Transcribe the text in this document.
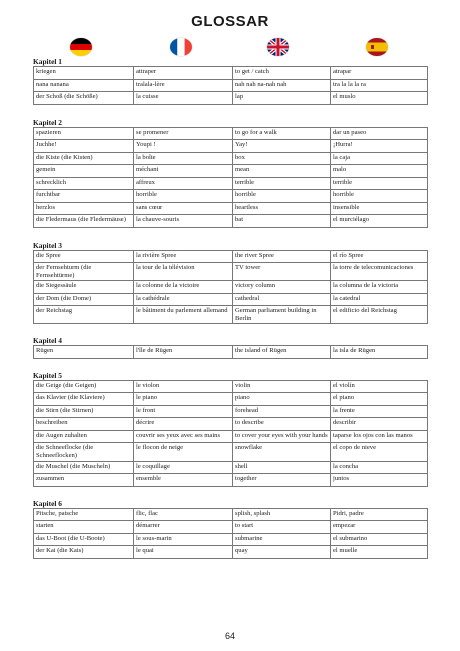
GLOSSAR
Kapitel 1
kriegen	attraper	to get / catch	atrapar
nana nanana	tralala-lère	nah nah na-nah nah	tra la la la ra
der Schoß (die Schöße)	la cuisse	lap	el muslo
Kapitel 2
spazieren	se promener	to go for a walk	dar un paseo
Juchhe!	Youpi !	Yay!	¡Hurra!
die Kiste (die Kisten)	la boîte	box	la caja
gemein	méchant	mean	malo
schrecklich	affreux	terrible	terrible
furchtbar	horrible	horrible	horrible
herzlos	sans cœur	heartless	insensible
die Fledermaus (die Fledermäuse)	la chauve-souris	bat	el murciélago
Kapitel 3
die Spree	la rivière Spree	the river Spree	el río Spree
der Fernsehturm (die Fernsehtürme)	la tour de la télévision	TV tower	la torre de telecomunicaciones
die Siegessäule	la colonne de la victoire	victory column	la columna de la victoria
der Dom (die Dome)	la cathédrale	cathedral	la catedral
der Reichstag	le bâtiment du parlement allemand	German parliament building in Berlin	el edificio del Reichstag
Kapitel 4
Rügen	l'île de Rügen	the island of Rügen	la isla de Rügen
Kapitel 5
die Geige (die Geigen)	le violon	violin	el violín
das Klavier (die Klaviere)	le piano	piano	el piano
die Stirn (die Stirnen)	le front	forehead	la frente
beschreiben	décrire	to describe	describir
die Augen zuhalten	couvrir ses yeux avec ses mains	to cover your eyes with your hands	taparse los ojos con las manos
die Schneeflocke (die Schneeflocken)	le flocon de neige	snowflake	el copo de nieve
die Muschel (die Muscheln)	le coquillage	shell	la concha
zusammen	ensemble	together	juntos
Kapitel 6
Pitsche, patsche	flic, flac	splish, splash	Pidri, padre
starten	démarrer	to start	empezar
das U-Boot (die U-Boote)	le sous-marin	submarine	el submarino
der Kai (die Kais)	le quai	quay	el muelle
64
